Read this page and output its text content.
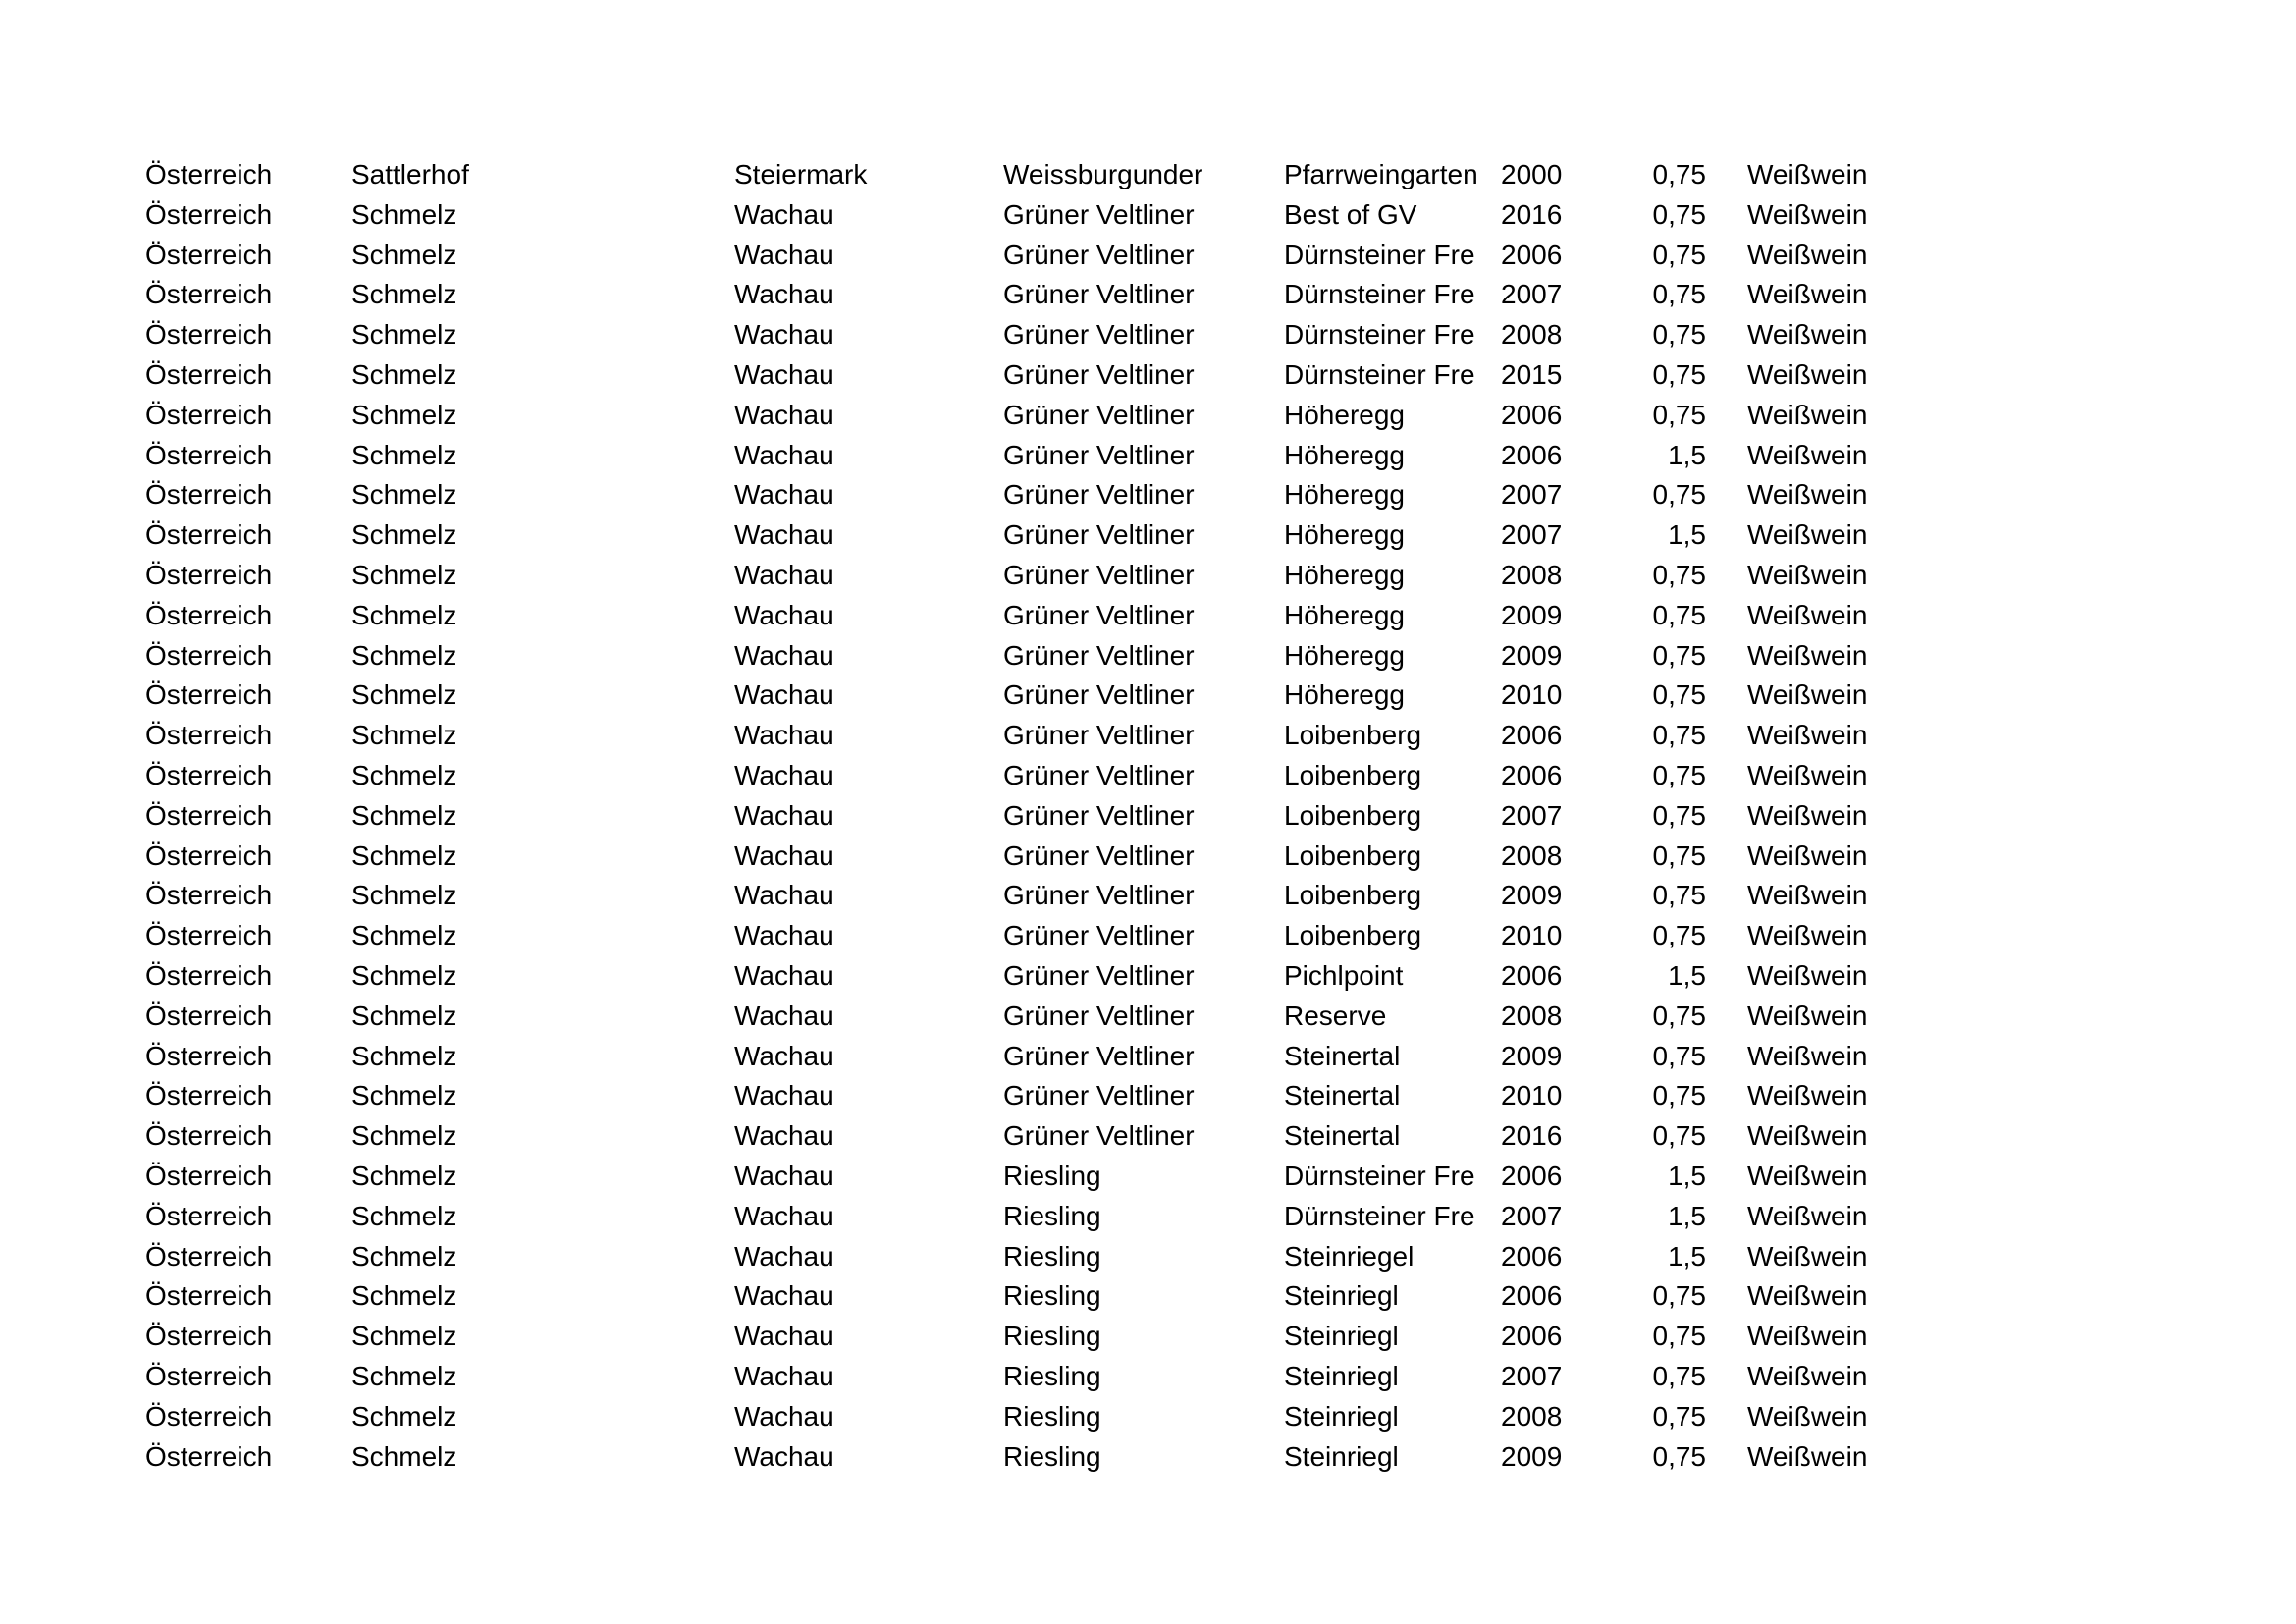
Österreich	Sattlerhof	Steiermark	Weissburgunder	Pfarrweingarten 2000	0,75 Weißwein
Österreich	Schmelz	Wachau	Grüner Veltliner	Best of GV	2016	0,75 Weißwein
Österreich	Schmelz	Wachau	Grüner Veltliner	Dürnsteiner Fre 2006	0,75 Weißwein
Österreich	Schmelz	Wachau	Grüner Veltliner	Dürnsteiner Fre 2007	0,75 Weißwein
Österreich	Schmelz	Wachau	Grüner Veltliner	Dürnsteiner Fre 2008	0,75 Weißwein
Österreich	Schmelz	Wachau	Grüner Veltliner	Dürnsteiner Fre 2015	0,75 Weißwein
Österreich	Schmelz	Wachau	Grüner Veltliner	Höheregg	2006	0,75 Weißwein
Österreich	Schmelz	Wachau	Grüner Veltliner	Höheregg	2006	1,5 Weißwein
Österreich	Schmelz	Wachau	Grüner Veltliner	Höheregg	2007	0,75 Weißwein
Österreich	Schmelz	Wachau	Grüner Veltliner	Höheregg	2007	1,5 Weißwein
Österreich	Schmelz	Wachau	Grüner Veltliner	Höheregg	2008	0,75 Weißwein
Österreich	Schmelz	Wachau	Grüner Veltliner	Höheregg	2009	0,75 Weißwein
Österreich	Schmelz	Wachau	Grüner Veltliner	Höheregg	2009	0,75 Weißwein
Österreich	Schmelz	Wachau	Grüner Veltliner	Höheregg	2010	0,75 Weißwein
Österreich	Schmelz	Wachau	Grüner Veltliner	Loibenberg	2006	0,75 Weißwein
Österreich	Schmelz	Wachau	Grüner Veltliner	Loibenberg	2006	0,75 Weißwein
Österreich	Schmelz	Wachau	Grüner Veltliner	Loibenberg	2007	0,75 Weißwein
Österreich	Schmelz	Wachau	Grüner Veltliner	Loibenberg	2008	0,75 Weißwein
Österreich	Schmelz	Wachau	Grüner Veltliner	Loibenberg	2009	0,75 Weißwein
Österreich	Schmelz	Wachau	Grüner Veltliner	Loibenberg	2010	0,75 Weißwein
Österreich	Schmelz	Wachau	Grüner Veltliner	Pichlpoint	2006	1,5 Weißwein
Österreich	Schmelz	Wachau	Grüner Veltliner	Reserve	2008	0,75 Weißwein
Österreich	Schmelz	Wachau	Grüner Veltliner	Steinertal	2009	0,75 Weißwein
Österreich	Schmelz	Wachau	Grüner Veltliner	Steinertal	2010	0,75 Weißwein
Österreich	Schmelz	Wachau	Grüner Veltliner	Steinertal	2016	0,75 Weißwein
Österreich	Schmelz	Wachau	Riesling	Dürnsteiner Fre 2006	1,5 Weißwein
Österreich	Schmelz	Wachau	Riesling	Dürnsteiner Fre 2007	1,5 Weißwein
Österreich	Schmelz	Wachau	Riesling	Steinriegel	2006	1,5 Weißwein
Österreich	Schmelz	Wachau	Riesling	Steinriegl	2006	0,75 Weißwein
Österreich	Schmelz	Wachau	Riesling	Steinriegl	2006	0,75 Weißwein
Österreich	Schmelz	Wachau	Riesling	Steinriegl	2007	0,75 Weißwein
Österreich	Schmelz	Wachau	Riesling	Steinriegl	2008	0,75 Weißwein
Österreich	Schmelz	Wachau	Riesling	Steinriegl	2009	0,75 Weißwein
